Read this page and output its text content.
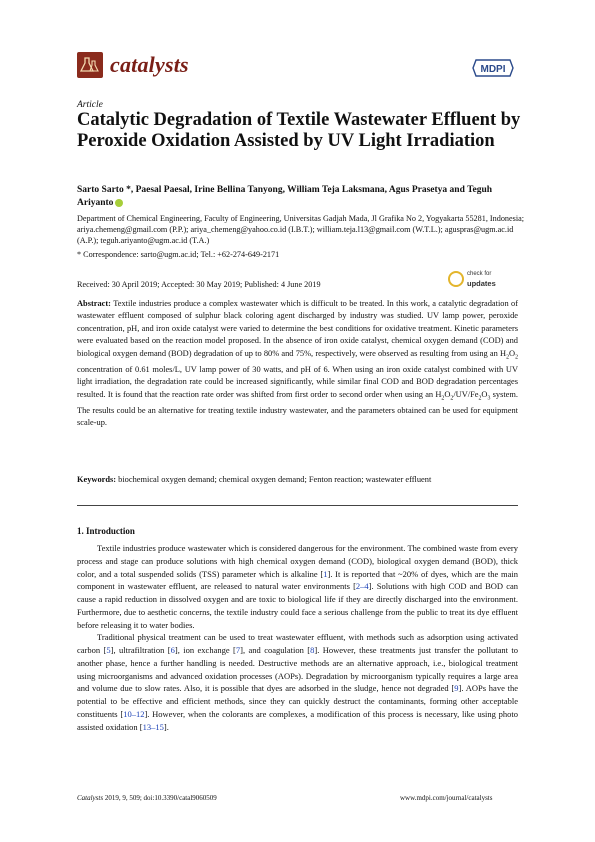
catalysts	MDPI
Article
Catalytic Degradation of Textile Wastewater Effluent by Peroxide Oxidation Assisted by UV Light Irradiation
Sarto Sarto *, Paesal Paesal, Irine Bellina Tanyong, William Teja Laksmana, Agus Prasetya and Teguh Ariyanto
Department of Chemical Engineering, Faculty of Engineering, Universitas Gadjah Mada, Jl Grafika No 2, Yogyakarta 55281, Indonesia; ariya.chemeng@gmail.com (P.P.); ariya_chemeng@yahoo.co.id (I.B.T.); william.teja.l13@gmail.com (W.T.L.); aguspras@ugm.ac.id (A.P.); teguh.ariyanto@ugm.ac.id (T.A.)
* Correspondence: sarto@ugm.ac.id; Tel.: +62-274-649-2171
Received: 30 April 2019; Accepted: 30 May 2019; Published: 4 June 2019
check for
updates
Abstract: Textile industries produce a complex wastewater which is difficult to be treated. In this work, a catalytic degradation of wastewater effluent composed of sulphur black coloring agent discharged by industry was studied. UV lamp power, peroxide concentration, pH, and iron oxide catalyst were varied to determine the best conditions for oxidative treatment. Kinetic parameters were evaluated based on the reaction model proposed. In the absence of iron oxide catalyst, chemical oxygen demand (COD) and biological oxygen demand (BOD) degradation of up to 80% and 75%, respectively, were observed as resulting from using an $H_2O_2$ concentration of 0.61 moles/L, UV lamp power of 30 watts, and pH of 6. When using an iron oxide catalyst combined with UV light irradiation, the degradation rate could be increased significantly, while similar final COD and BOD degradation percentages resulted. It is found that the reaction rate order was shifted from first order to second order when using an $H_2O_2/UV/Fe_2O_3$ system. The results could be an alternative for treating textile industry wastewater, and the parameters obtained can be used for equipment scale-up.
Keywords: biochemical oxygen demand; chemical oxygen demand; Fenton reaction; wastewater effluent
1. Introduction

Textile industries produce wastewater which is considered dangerous for the environment. The combined waste from every process and stage can produce solutions with high chemical oxygen demand (COD), biological oxygen demand (BOD), thick color, and a total suspended solids (TSS) parameter which is alkaline [1]. It is reported that ~20% of dyes, which are the main component in wastewater effluent, are released to natural water environments [2–4]. Solutions with high COD and BOD can cause a rapid reduction in dissolved oxygen and are toxic to biological life if they are directly discharged into the environment. Furthermore, due to aesthetic concerns, the textile industry could face a serious challenge from the public to treat its dye effluent before releasing it to water bodies.

Traditional physical treatment can be used to treat wastewater effluent, with methods such as adsorption using activated carbon [5], ultrafiltration [6], ion exchange [7], and coagulation [8]. However, these treatments just transfer the pollutant to another phase, hence a further handling is needed. Destructive methods are an alternative approach, i.e., biological treatment using microorganisms and advanced oxidation processes (AOPs). Degradation by microorganism typically requires a large area and volume due to slow rates. Also, it is possible that dyes are adsorbed in the sludge, hence not degraded [9]. AOPs have the potential to be effective and efficient methods, since they can quickly destruct the contaminants, forming other acceptable constituents [10–12]. However, when the colorants are complexes, a modification of this process is necessary, like using photo assisted oxidation [13–15].

Catalysts 2019, 9, 509; doi:10.3390/catal9060509	www.mdpi.com/journal/catalysts
